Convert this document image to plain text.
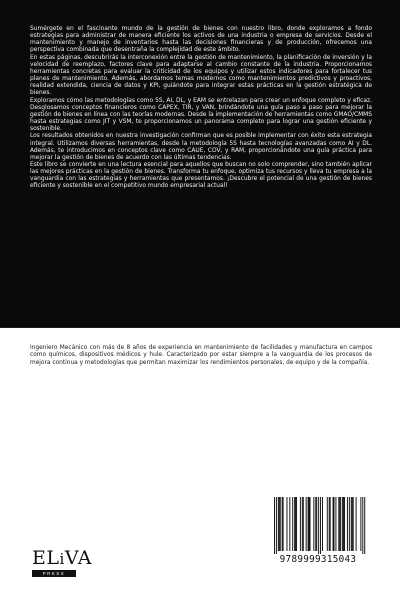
Sumérgete en el fascinante mundo de la gestión de bienes con nuestro libro, donde exploramos a fondo estrategias para administrar de manera eficiente los activos de una industria o empresa de servicios. Desde el mantenimiento y manejo de inventarios hasta las decisiones financieras y de producción, ofrecemos una perspectiva combinada que desentraña la complejidad de este ámbito.

En estas páginas, descubrirás la interconexión entre la gestión de mantenimiento, la planificación de inversión y la velocidad de reemplazo, factores clave para adaptarse al cambio constante de la industria. Proporcionamos herramientas concretas para evaluar la criticidad de los equipos y utilizar estos indicadores para fortalecer tus planes de mantenimiento. Además, abordamos temas modernos como mantenimientos predictivos y proactivos, realidad extendida, ciencia de datos y KPI, guiándote para integrar estas prácticas en la gestión estratégica de bienes.

Exploramos cómo las metodologías como 5S, AI, DL, y EAM se entrelazan para crear un enfoque completo y eficaz. Desglosamos conceptos financieros como CAPEX, TIR, y VAN, brindándote una guía paso a paso para mejorar la gestión de bienes en línea con las teorías modernas. Desde la implementación de herramientas como GMAO/CMMS hasta estrategias como JIT y VSM, te proporcionamos un panorama completo para lograr una gestión eficiente y sostenible.

Los resultados obtenidos en nuestra investigación confirman que es posible implementar con éxito esta estrategia integral. Utilizamos diversas herramientas, desde la metodología 5S hasta tecnologías avanzadas como AI y DL. Además, te introducimos en conceptos clave como CAUE, COV, y RAM, proporcionándote una guía práctica para mejorar la gestión de bienes de acuerdo con las últimas tendencias.

Este libro se convierte en una lectura esencial para aquellos que buscan no solo comprender, sino también aplicar las mejores prácticas en la gestión de bienes. Transforma tu enfoque, optimiza tus recursos y lleva tu empresa a la vanguardia con las estrategias y herramientas que presentamos. ¡Descubre el potencial de una gestión de bienes eficiente y sostenible en el competitivo mundo empresarial actual!

Ingeniero Mecánico con más de 8 años de experiencia en mantenimiento de facilidades y manufactura en campos como químicos, dispositivos médicos y hule. Caracterizado por estar siempre a la vanguardia de los procesos de mejora continua y metodologías que permitan maximizar los rendimientos personales, de equipo y de la compañía.
ELiVA
PRESS
9789999315043
